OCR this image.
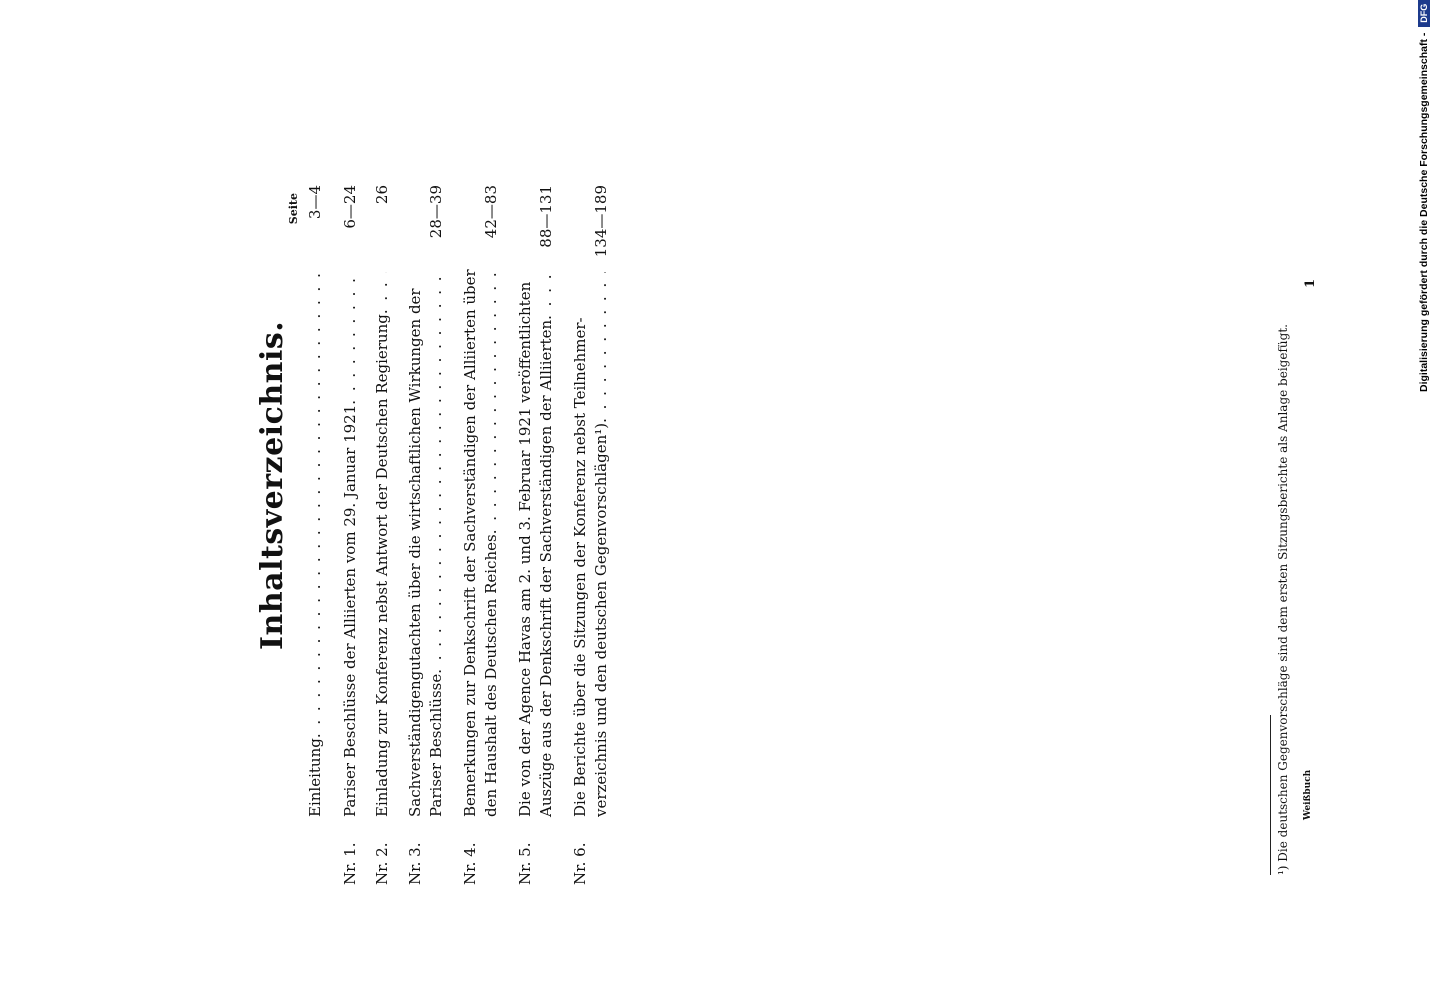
Inhaltsverzeichnis.
Seite
Einleitung
. . .
3—4
Nr. 1.
Pariser Beschlüsse der Alliierten vom 29. Januar 1921
. . .
6—24
Nr. 2.
Einladung zur Konferenz nebst Antwort der Deutschen Regierung
. . .
26
Nr. 3.
Sachverständigengutachten über die wirtschaftlichen Wirkungen der Pariser Beschlüsse
. . .
28—39
Nr. 4.
Bemerkungen zur Denkschrift der Sachverständigen der Alliierten über den Haushalt des Deutschen Reiches
. . .
42—83
Nr. 5.
Die von der Agence Havas am 2. und 3. Februar 1921 veröffentlichten Auszüge aus der Denkschrift der Sachverständigen der Alliierten
. . .
88—131
Nr. 6.
Die Berichte über die Sitzungen der Konferenz nebst Teilnehmer- verzeichnis und den deutschen Gegenvorschlägen¹)
. . .
134—189
¹) Die deutschen Gegenvorschläge sind dem ersten Sitzungsberichte als Anlage beigefügt. Weißbuch
1	Digitalisierung gefördert durch die Deutsche Forschungsgemeinschaft - DFG
